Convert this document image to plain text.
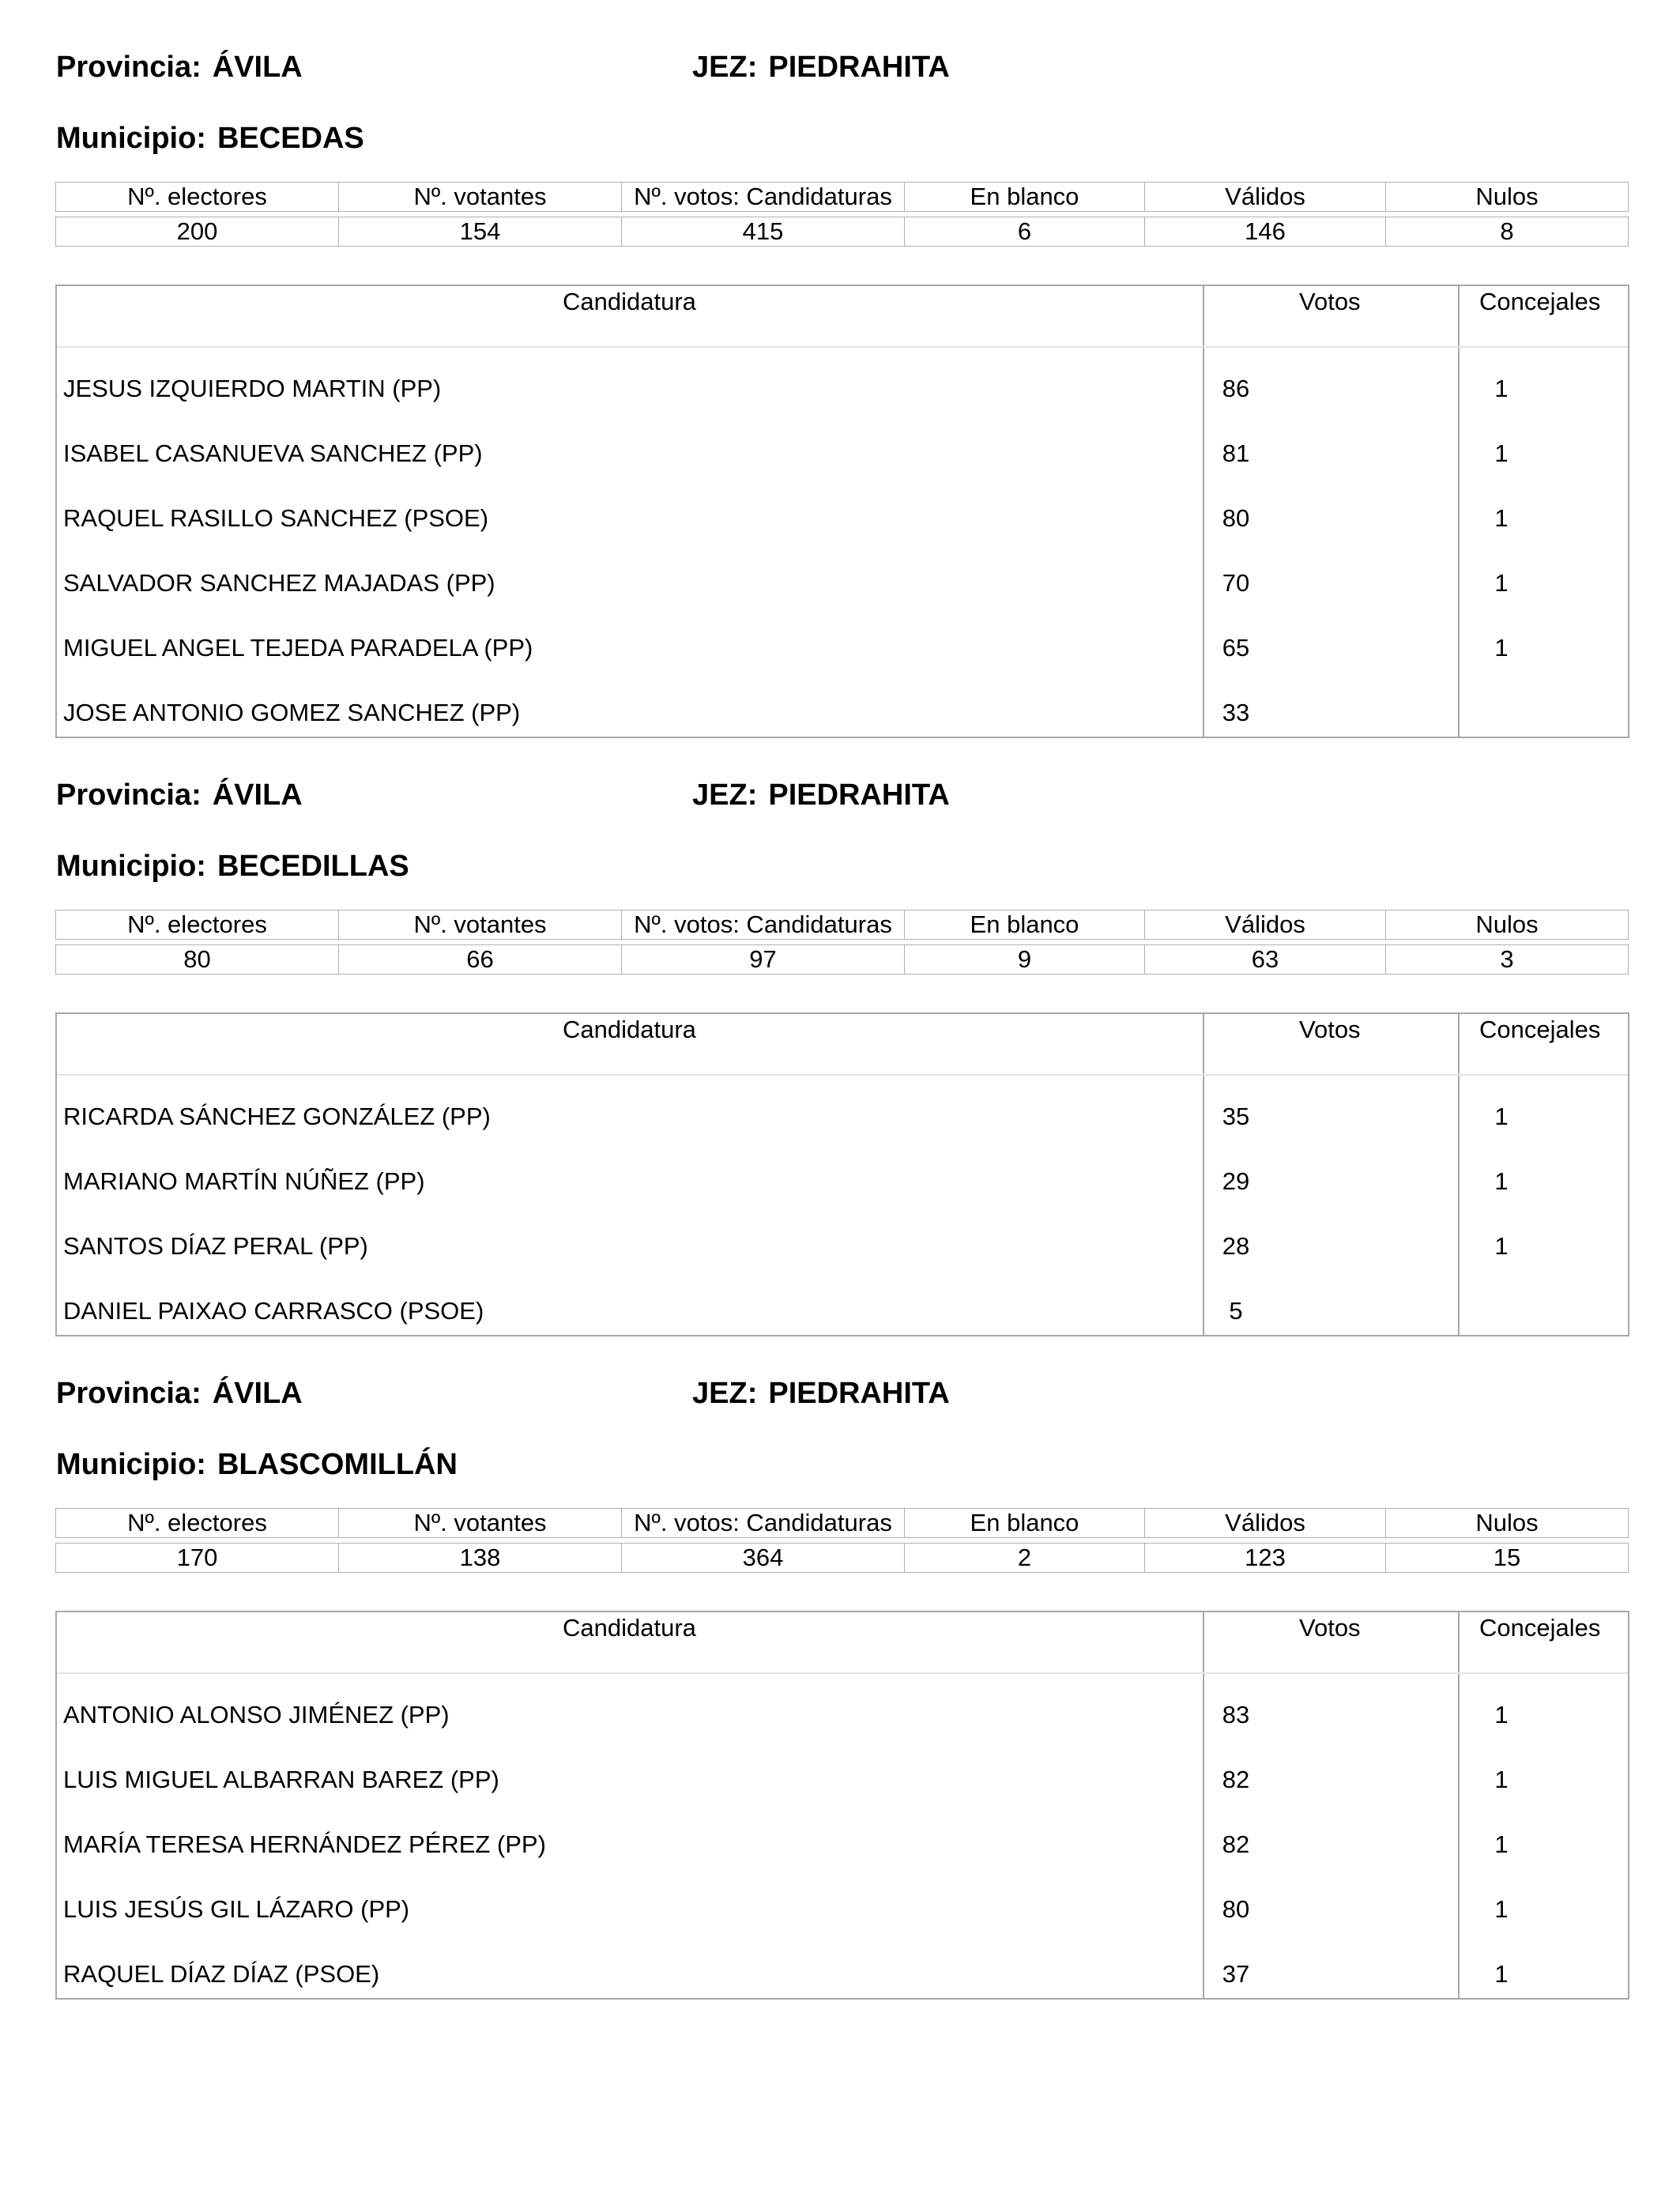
Provincia: ÁVILA	JEZ: PIEDRAHITA
Municipio: BECEDAS
Nº. electores	Nº. votantes	Nº. votos: Candidaturas	En blanco	Válidos	Nulos

200	154	415	6	146	8
Candidatura	Votos	Concejales
JESUS IZQUIERDO MARTIN (PP)	86	1
ISABEL CASANUEVA SANCHEZ (PP)	81	1
RAQUEL RASILLO SANCHEZ (PSOE)	80	1
SALVADOR SANCHEZ MAJADAS (PP)	70	1
MIGUEL ANGEL TEJEDA PARADELA (PP)	65	1
JOSE ANTONIO GOMEZ SANCHEZ (PP)	33
Provincia: ÁVILA	JEZ: PIEDRAHITA
Municipio: BECEDILLAS
Nº. electores	Nº. votantes	Nº. votos: Candidaturas	En blanco	Válidos	Nulos

80	66	97	9	63	3
Candidatura	Votos	Concejales
RICARDA SÁNCHEZ GONZÁLEZ (PP)	35	1
MARIANO MARTÍN NÚÑEZ (PP)	29	1
SANTOS DÍAZ PERAL (PP)	28	1
DANIEL PAIXAO CARRASCO (PSOE)	5
Provincia: ÁVILA	JEZ: PIEDRAHITA
Municipio: BLASCOMILLÁN
Nº. electores	Nº. votantes	Nº. votos: Candidaturas	En blanco	Válidos	Nulos

170	138	364	2	123	15
Candidatura	Votos	Concejales
ANTONIO ALONSO JIMÉNEZ (PP)	83	1
LUIS MIGUEL ALBARRAN BAREZ (PP)	82	1
MARÍA TERESA HERNÁNDEZ PÉREZ (PP)	82	1
LUIS JESÚS GIL LÁZARO (PP)	80	1
RAQUEL DÍAZ DÍAZ (PSOE)	37	1
